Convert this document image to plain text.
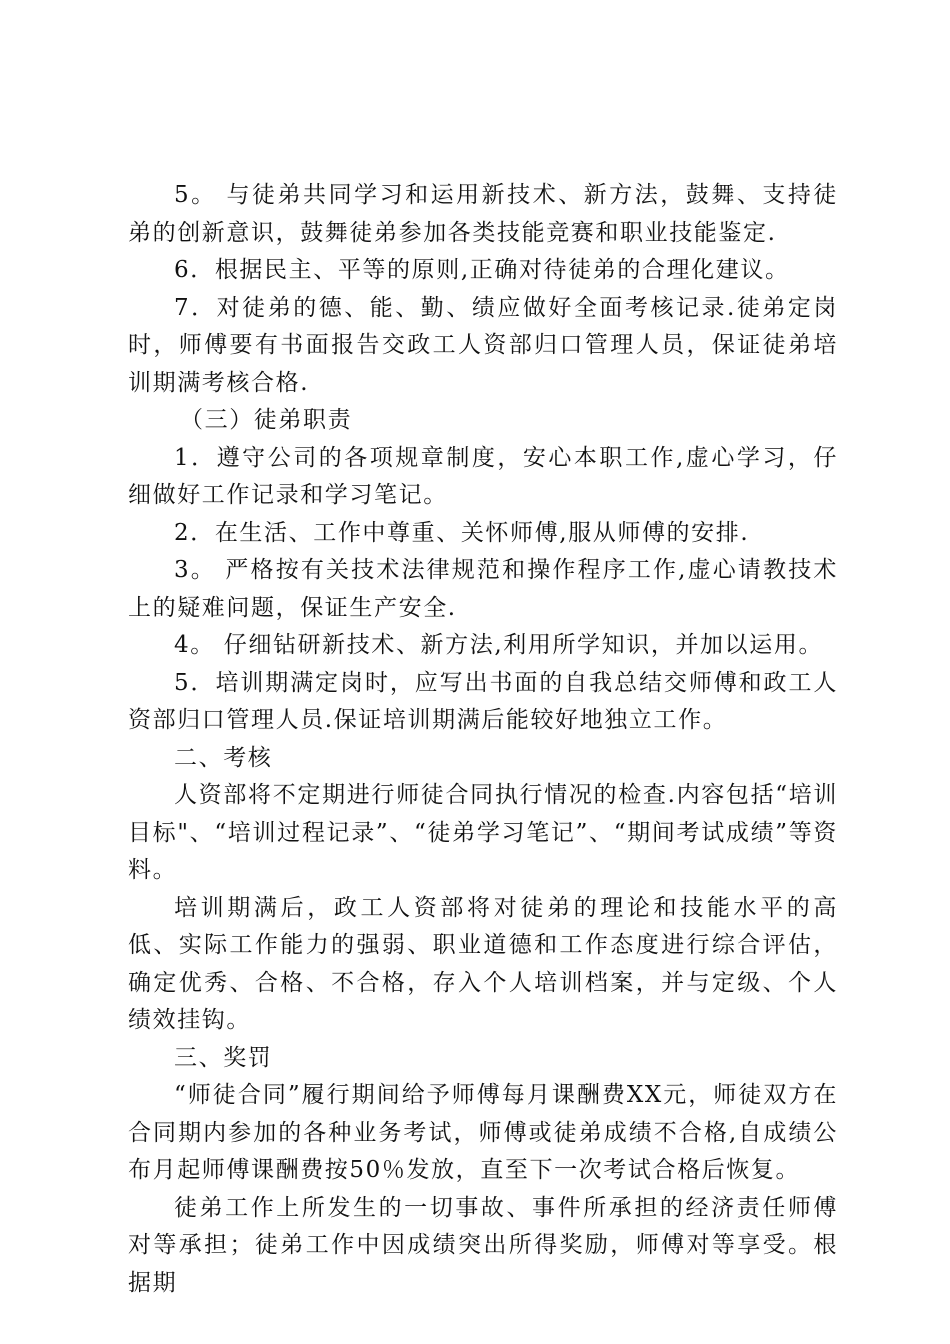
5。 与徒弟共同学习和运用新技术、新方法，鼓舞、支持徒弟的创新意识，鼓舞徒弟参加各类技能竞赛和职业技能鉴定.

6．根据民主、平等的原则,正确对待徒弟的合理化建议。

7．对徒弟的德、能、勤、绩应做好全面考核记录.徒弟定岗时，师傅要有书面报告交政工人资部归口管理人员，保证徒弟培训期满考核合格.

（三）徒弟职责

1．遵守公司的各项规章制度，安心本职工作,虚心学习，仔细做好工作记录和学习笔记。

2．在生活、工作中尊重、关怀师傅,服从师傅的安排.

3。 严格按有关技术法律规范和操作程序工作,虚心请教技术上的疑难问题，保证生产安全.

4。 仔细钻研新技术、新方法,利用所学知识，并加以运用。

5．培训期满定岗时，应写出书面的自我总结交师傅和政工人资部归口管理人员.保证培训期满后能较好地独立工作。

二、考核

人资部将不定期进行师徒合同执行情况的检查.内容包括“培训目标"、“培训过程记录”、“徒弟学习笔记”、“期间考试成绩”等资料。

培训期满后，政工人资部将对徒弟的理论和技能水平的高低、实际工作能力的强弱、职业道德和工作态度进行综合评估，确定优秀、合格、不合格，存入个人培训档案，并与定级、个人绩效挂钩。

三、奖罚

“师徒合同”履行期间给予师傅每月课酬费XX元，师徒双方在合同期内参加的各种业务考试，师傅或徒弟成绩不合格,自成绩公布月起师傅课酬费按50％发放，直至下一次考试合格后恢复。

徒弟工作上所发生的一切事故、事件所承担的经济责任师傅对等承担；徒弟工作中因成绩突出所得奖励，师傅对等享受。根据期
